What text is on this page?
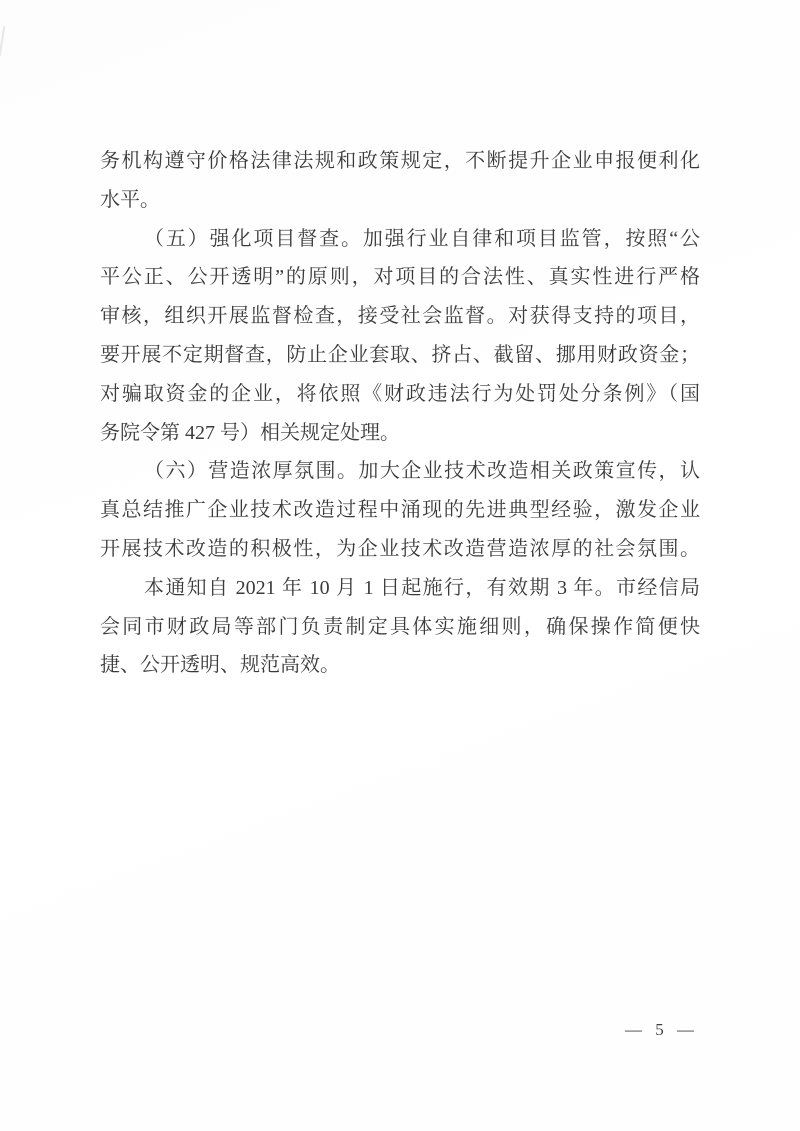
务机构遵守价格法律法规和政策规定，不断提升企业申报便利化
水平。
（五）强化项目督查。加强行业自律和项目监管，按照“公
平公正、公开透明”的原则，对项目的合法性、真实性进行严格
审核，组织开展监督检查，接受社会监督。对获得支持的项目，
要开展不定期督查，防止企业套取、挤占、截留、挪用财政资金；
对骗取资金的企业，将依照《财政违法行为处罚处分条例》（国
务院令第 427 号）相关规定处理。
（六）营造浓厚氛围。加大企业技术改造相关政策宣传，认
真总结推广企业技术改造过程中涌现的先进典型经验，激发企业
开展技术改造的积极性，为企业技术改造营造浓厚的社会氛围。
本通知自 2021 年 10 月 1 日起施行，有效期 3 年。市经信局
会同市财政局等部门负责制定具体实施细则，确保操作简便快
捷、公开透明、规范高效。
— 5 —
